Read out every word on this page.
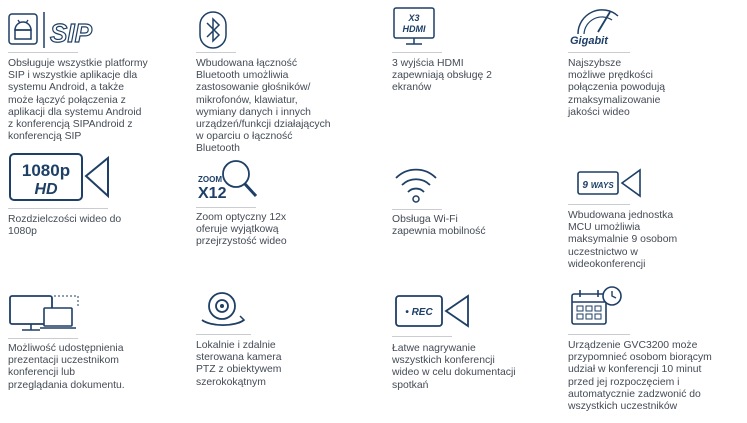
SIP
Obsługuje wszystkie platformy
SIP i wszystkie aplikacje dla
systemu Android, a także
może łączyć połączenia z
aplikacji dla systemu Android
z konferencją SIPAndroid z
konferencją SIP
Wbudowana łączność
Bluetooth umożliwia
zastosowanie głośników/
mikrofonów, klawiatur,
wymiany danych i innych
urządzeń/funkcji działających
w oparciu o łączność
Bluetooth
X3
HDMI
3 wyjścia HDMI
zapewniają obsługę 2
ekranów
Gigabit
Najszybsze
możliwe prędkości
połączenia powodują
zmaksymalizowanie
jakości wideo
1080p
HD
Rozdzielczości wideo do
1080p
ZOOM
X12
Zoom optyczny 12x
oferuje wyjątkową
przejrzystość wideo
Obsługa Wi-Fi
zapewnia mobilność
9 WAYS
Wbudowana jednostka
MCU umożliwia
maksymalnie 9 osobom
uczestnictwo w
wideokonferencji
Możliwość udostępnienia
prezentacji uczestnikom
konferencji lub
przeglądania dokumentu.
Lokalnie i zdalnie
sterowana kamera
PTZ z obiektywem
szerokokątnym
• REC
Łatwe nagrywanie
wszystkich konferencji
wideo w celu dokumentacji
spotkań
Urządzenie GVC3200 może
przypomnieć osobom biorącym
udział w konferencji 10 minut
przed jej rozpoczęciem i
automatycznie zadzwonić do
wszystkich uczestników
